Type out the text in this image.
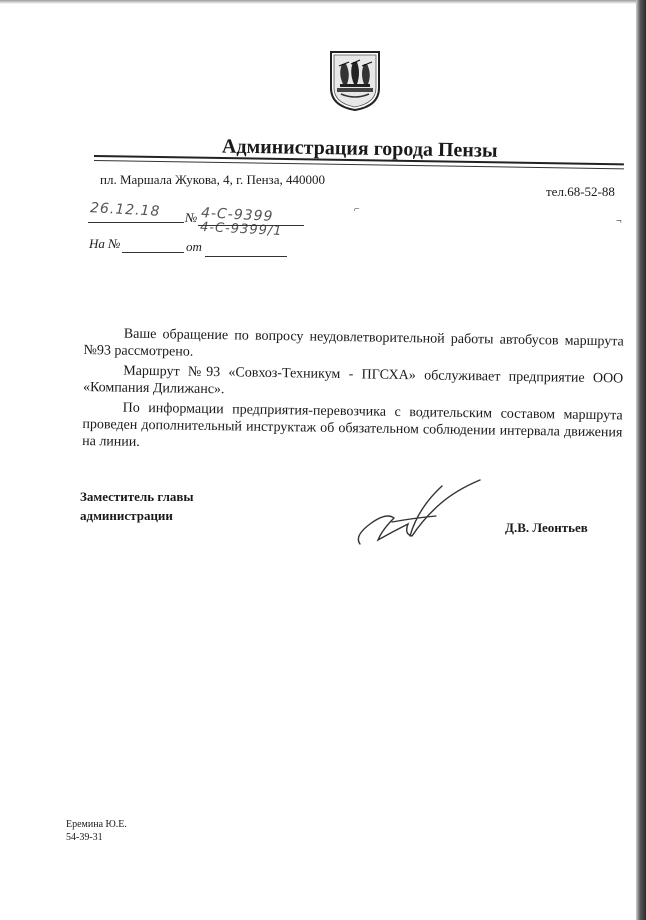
Администрация города Пензы
пл. Маршала Жукова, 4, г. Пенза, 440000
тел.68-52-88
⌐
¬
26.12.18 № 4-С-9399
4-С-9399/1
На №	от

Ваше обращение по вопросу неудовлетворительной работы автобусов маршрута №93 рассмотрено.

Маршрут №93 «Совхоз-Техникум - ПГСХА» обслуживает предприятие ООО «Компания Дилижанс».

По информации предприятия-перевозчика с водительским составом маршрута проведен дополнительный инструктаж об обязательном соблюдении интервала движения на линии.

Заместитель главы
администрации
Д.В. Леонтьев
Еремина Ю.Е.
54-39-31
